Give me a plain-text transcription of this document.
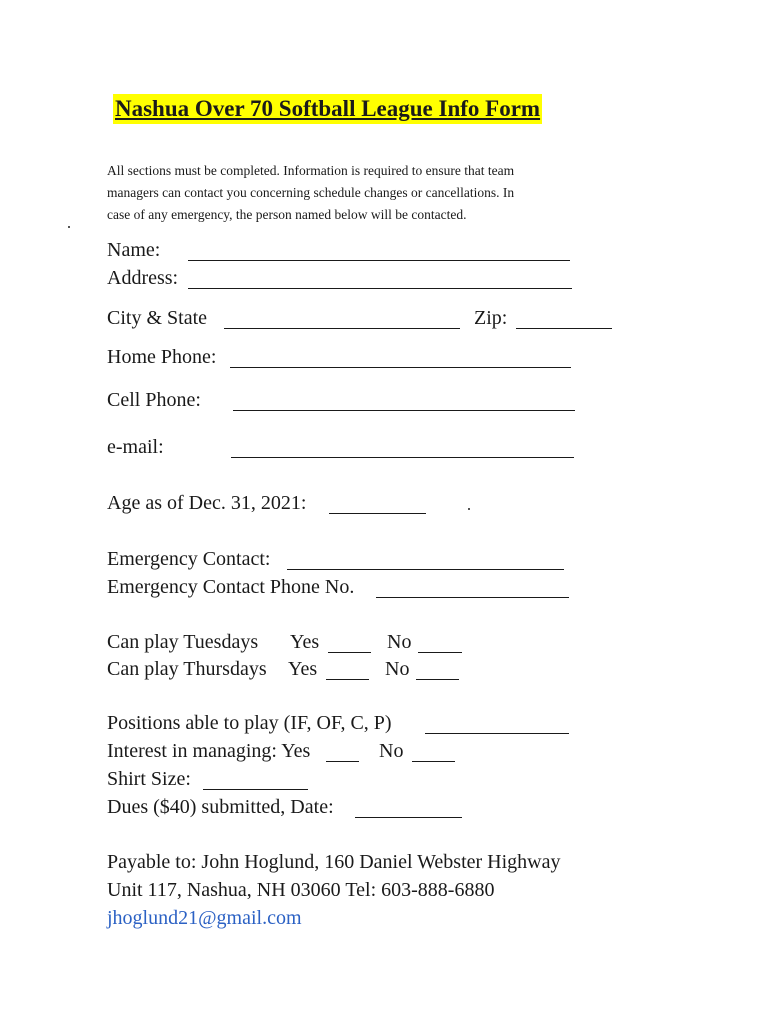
Nashua Over 70 Softball League Info Form
All sections must be completed. Information is required to ensure that team
managers can contact you concerning schedule changes or cancellations. In
case of any emergency, the person named below will be contacted.
Name:
Address:
City & State	Zip:
Home Phone:
Cell Phone:
e-mail:
Age as of Dec. 31, 2021:
Emergency Contact:
Emergency Contact Phone No.
Can play Tuesdays Yes	No
Can play Thursdays Yes	No
Positions able to play (IF, OF, C, P)
Interest in managing: Yes	No
Shirt Size:
Dues ($40) submitted, Date:
Payable to: John Hoglund, 160 Daniel Webster Highway
Unit 117, Nashua, NH 03060 Tel: 603-888-6880
jhoglund21@gmail.com
